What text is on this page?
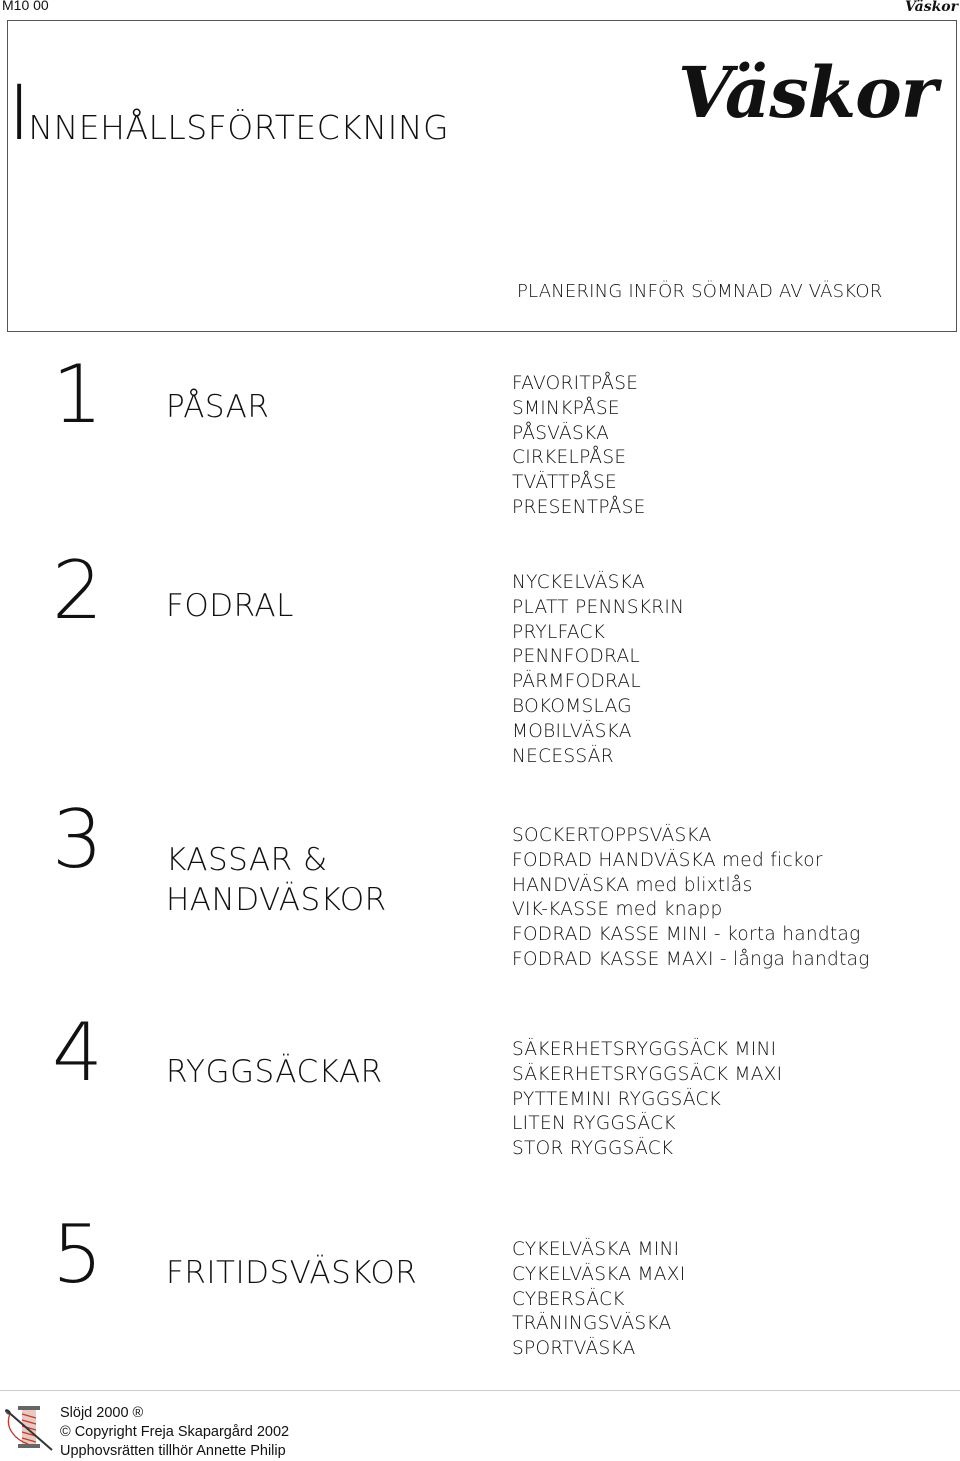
M10 00	Väskor
INNEHÅLLSFÖRTECKNING	Väskor
PLANERING INFÖR SÖMNAD AV VÄSKOR
1 PÅSAR
FAVORITPÅSE
SMINKPÅSE
PÅSVÄSKA
CIRKELPÅSE
TVÄTTPÅSE
PRESENTPÅSE
2 FODRAL
NYCKELVÄSKA
PLATT PENNSKRIN
PRYLFACK
PENNFODRAL
PÄRMFODRAL
BOKOMSLAG
MOBILVÄSKA
NECESSÄR
3 KASSAR &
HANDVÄSKOR
SOCKERTOPPSVÄSKA
FODRAD HANDVÄSKA med fickor
HANDVÄSKA med blixtlås
VIK-KASSE med knapp
FODRAD KASSE MINI - korta handtag
FODRAD KASSE MAXI - långa handtag
4 RYGGSÄCKAR
SÄKERHETSRYGGSÄCK MINI
SÄKERHETSRYGGSÄCK MAXI
PYTTEMINI RYGGSÄCK
LITEN RYGGSÄCK
STOR RYGGSÄCK
5 FRITIDSVÄSKOR
CYKELVÄSKA MINI
CYKELVÄSKA MAXI
CYBERSÄCK
TRÄNINGSVÄSKA
SPORTVÄSKA
Slöjd 2000 ®
© Copyright Freja Skapargård 2002
Upphovsrätten tillhör Annette Philip
